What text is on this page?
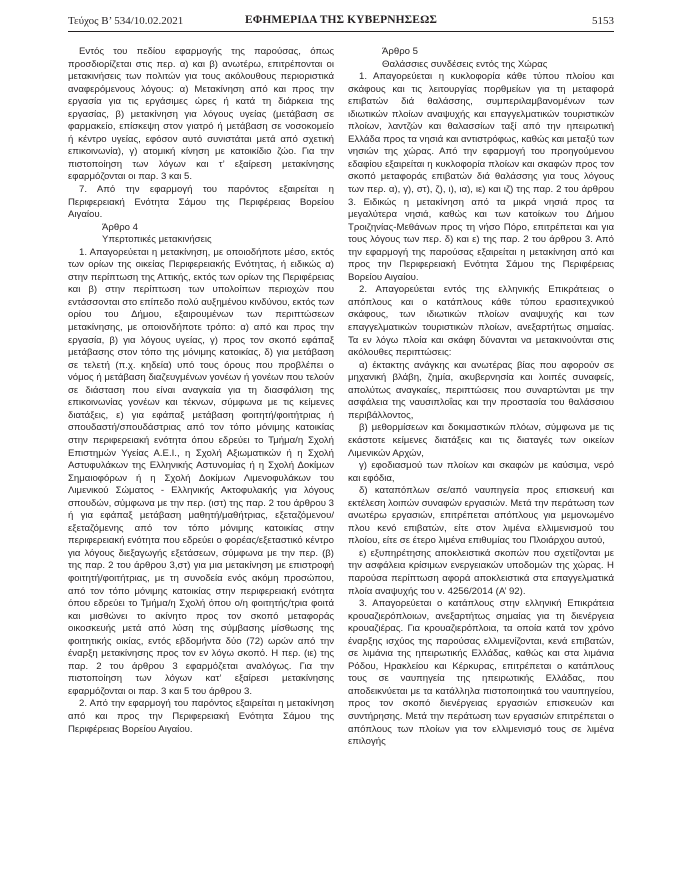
Τεύχος B’ 534/10.02.2021	ΕΦΗΜΕΡΙΔΑ ΤΗΣ ΚΥΒΕΡΝΗΣΕΩΣ	5153

Εντός του πεδίου εφαρμογής της παρούσας, όπως προσδιορίζεται στις περ. α) και β) ανωτέρω, επιτρέπονται οι μετακινήσεις των πολιτών για τους ακόλουθους περιοριστικά αναφερόμενους λόγους: α) Μετακίνηση από και προς την εργασία για τις εργάσιμες ώρες ή κατά τη διάρκεια της εργασίας, β) μετακίνηση για λόγους υγείας (μετάβαση σε φαρμακείο, επίσκεψη στον γιατρό ή μετάβαση σε νοσοκομείο ή κέντρο υγείας, εφόσον αυτό συνιστάται μετά από σχετική επικοινωνία), γ) ατομική κίνηση με κατοικίδιο ζώο. Για την πιστοποίηση των λόγων και τ’ εξαίρεση μετακίνησης εφαρμόζονται οι παρ. 3 και 5.

7. Από την εφαρμογή του παρόντος εξαιρείται η Περιφερειακή Ενότητα Σάμου της Περιφέρειας Βορείου Αιγαίου.

Άρθρο 4

Υπερτοπικές μετακινήσεις

1. Απαγορεύεται η μετακίνηση, με οποιοδήποτε μέσο, εκτός των ορίων της οικείας Περιφερειακής Ενότητας, ή ειδικώς α) στην περίπτωση της Αττικής, εκτός των ορίων της Περιφέρειας και β) στην περίπτωση των υπολοίπων περιοχών που εντάσσονται στο επίπεδο πολύ αυξημένου κινδύνου, εκτός των ορίου του Δήμου, εξαιρουμένων των περιπτώσεων μετακίνησης, με οποιονδήποτε τρόπο: α) από και προς την εργασία, β) για λόγους υγείας, γ) προς τον σκοπό εφάπαξ μετάβασης στον τόπο της μόνιμης κατοικίας, δ) για μετάβαση σε τελετή (π.χ. κηδεία) υπό τους όρους που προβλέπει ο νόμος ή μετάβαση διαζευγμένων γονέων ή γονέων που τελούν σε διάσταση που είναι αναγκαία για τη διασφάλιση της επικοινωνίας γονέων και τέκνων, σύμφωνα με τις κείμενες διατάξεις, ε) για εφάπαξ μετάβαση φοιτητή/φοιτήτριας ή σπουδαστή/σπουδάστριας από τον τόπο μόνιμης κατοικίας στην περιφερειακή ενότητα όπου εδρεύει το Τμήμα/η Σχολή Επιστημών Υγείας Α.Ε.Ι., η Σχολή Αξιωματικών ή η Σχολή Αστυφυλάκων της Ελληνικής Αστυνομίας ή η Σχολή Δοκίμων Σημαιοφόρων ή η Σχολή Δοκίμων Λιμενοφυλάκων του Λιμενικού Σώματος - Ελληνικής Ακτοφυλακής για λόγους σπουδών, σύμφωνα με την περ. (ιστ) της παρ. 2 του άρθρου 3 ή για εφάπαξ μετάβαση μαθητή/μαθήτριας, εξεταζόμενου/εξεταζόμενης από τον τόπο μόνιμης κατοικίας στην περιφερειακή ενότητα που εδρεύει ο φορέας/εξεταστικό κέντρο για λόγους διεξαγωγής εξετάσεων, σύμφωνα με την περ. (β) της παρ. 2 του άρθρου 3,στ) για μια μετακίνηση με επιστροφή φοιτητή/φοιτήτριας, με τη συνοδεία ενός ακόμη προσώπου, από τον τόπο μόνιμης κατοικίας στην περιφερειακή ενότητα όπου εδρεύει το Τμήμα/η Σχολή όπου ο/η φοιτητής/τρια φοιτά και μισθώνει το ακίνητο προς τον σκοπό μεταφοράς οικοσκευής μετά από λύση της σύμβασης μίσθωσης της φοιτητικής οικίας, εντός εβδομήντα δύο (72) ωρών από την έναρξη μετακίνησης προς τον εν λόγω σκοπό. Η περ. (ιε) της παρ. 2 του άρθρου 3 εφαρμόζεται αναλόγως. Για την πιστοποίηση των λόγων κατ’ εξαίρεσι μετακίνησης εφαρμόζονται οι παρ. 3 και 5 του άρθρου 3.

2. Από την εφαρμογή του παρόντος εξαιρείται η μετακίνηση από και προς την Περιφερειακή Ενότητα Σάμου της Περιφέρειας Βορείου Αιγαίου.

Άρθρο 5

Θαλάσσιες συνδέσεις εντός της Χώρας

1. Απαγορεύεται η κυκλοφορία κάθε τύπου πλοίου και σκάφους και τις λειτουργίας πορθμείων για τη μεταφορά επιβατών διά θαλάσσης, συμπεριλαμβανομένων των ιδιωτικών πλοίων αναψυχής και επαγγελματικών τουριστικών πλοίων, λαντζών και θαλασσίων ταξί από την ηπειρωτική Ελλάδα προς τα νησιά και αντιστρόφως, καθώς και μεταξύ των νησιών της χώρας. Από την εφαρμογή του προηγούμενου εδαφίου εξαιρείται η κυκλοφορία πλοίων και σκαφών προς τον σκοπό μεταφοράς επιβατών διά θαλάσσης για τους λόγους των περ. α), γ), στ), ζ), ι), ια), ιε) και ιζ) της παρ. 2 του άρθρου 3. Ειδικώς η μετακίνηση από τα μικρά νησιά προς τα μεγαλύτερα νησιά, καθώς και των κατοίκων του Δήμου Τροιζηνίας-Μεθάνων προς τη νήσο Πόρο, επιτρέπεται και για τους λόγους των περ. δ) και ε) της παρ. 2 του άρθρου 3. Από την εφαρμογή της παρούσας εξαιρείται η μετακίνηση από και προς την Περιφερειακή Ενότητα Σάμου της Περιφέρειας Βορείου Αιγαίου.

2. Απαγορεύεται εντός της ελληνικής Επικράτειας ο απόπλους και ο κατάπλους κάθε τύπου ερασιτεχνικού σκάφους, των ιδιωτικών πλοίων αναψυχής και των επαγγελματικών τουριστικών πλοίων, ανεξαρτήτως σημαίας. Τα εν λόγω πλοία και σκάφη δύνανται να μετακινούνται στις ακόλουθες περιπτώσεις:

α) έκτακτης ανάγκης και ανωτέρας βίας που αφορούν σε μηχανική βλάβη, ζημία, ακυβερνησία και λοιπές συναφείς, απολύτως αναγκαίες, περιπτώσεις που συναρτώνται με την ασφάλεια της ναυσιπλοΐας και την προστασία του θαλάσσιου περιβάλλοντος,

β) μεθορμίσεων και δοκιμαστικών πλόων, σύμφωνα με τις εκάστοτε κείμενες διατάξεις και τις διαταγές των οικείων Λιμενικών Αρχών,

γ) εφοδιασμού των πλοίων και σκαφών με καύσιμα, νερό και εφόδια,

δ) καταπόπλων σε/από ναυπηγεία προς επισκευή και εκτέλεση λοιπών συναφών εργασιών. Μετά την περάτωση των ανωτέρω εργασιών, επιτρέπεται απόπλους για μεμονωμένο πλου κενό επιβατών, είτε στον λιμένα ελλιμενισμού του πλοίου, είτε σε έτερο λιμένα επιθυμίας του Πλοιάρχου αυτού,

ε) εξυπηρέτησης αποκλειστικά σκοπών που σχετίζονται με την ασφάλεια κρίσιμων ενεργειακών υποδομών της χώρας. Η παρούσα περίπτωση αφορά αποκλειστικά στα επαγγελματικά πλοία αναψυχής του ν. 4256/2014 (Α’ 92).

3. Απαγορεύεται ο κατάπλους στην ελληνική Επικράτεια κρουαζιερόπλοιων, ανεξαρτήτως σημαίας για τη διενέργεια κρουαζιέρας. Για κρουαζιερόπλοια, τα οποία κατά τον χρόνο έναρξης ισχύος της παρούσας ελλιμενίζονται, κενά επιβατών, σε λιμάνια της ηπειρωτικής Ελλάδας, καθώς και στα λιμάνια Ρόδου, Ηρακλείου και Κέρκυρας, επιτρέπεται ο κατάπλους τους σε ναυπηγεία της ηπειρωτικής Ελλάδας, που αποδεικνύεται με τα κατάλληλα πιστοποιητικά του ναυπηγείου, προς τον σκοπό διενέργειας εργασιών επισκευών και συντήρησης. Μετά την περάτωση των εργασιών επιτρέπεται ο απόπλους των πλοίων για τον ελλιμενισμό τους σε λιμένα επιλογής
